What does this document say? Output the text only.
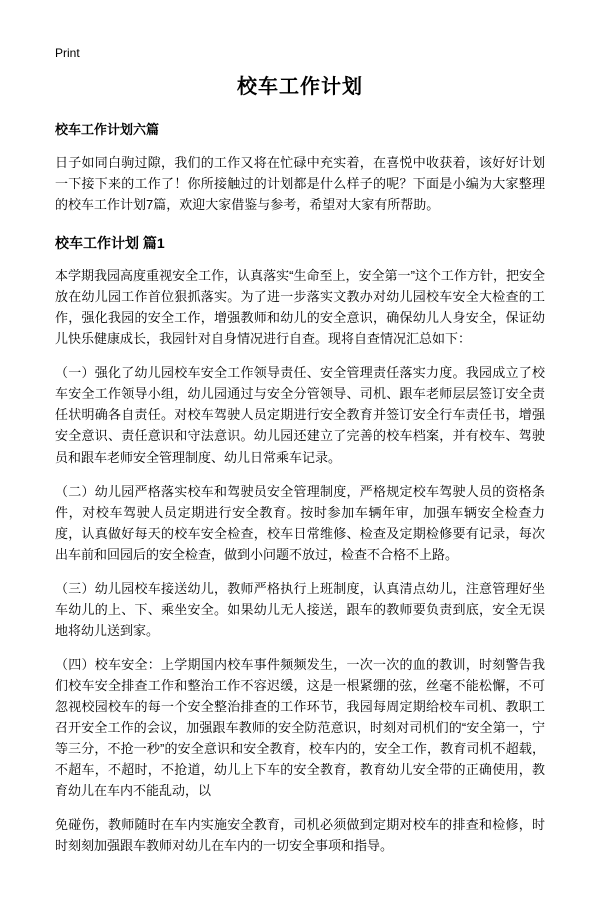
Print
校车工作计划
校车工作计划六篇

日子如同白驹过隙，我们的工作又将在忙碌中充实着，在喜悦中收获着，该好好计划一下接下来的工作了！你所接触过的计划都是什么样子的呢？下面是小编为大家整理的校车工作计划7篇，欢迎大家借鉴与参考，希望对大家有所帮助。

校车工作计划 篇1

本学期我园高度重视安全工作，认真落实“生命至上，安全第一”这个工作方针，把安全放在幼儿园工作首位狠抓落实。为了进一步落实文教办对幼儿园校车安全大检查的工作，强化我园的安全工作，增强教师和幼儿的安全意识，确保幼儿人身安全，保证幼儿快乐健康成长，我园针对自身情况进行自查。现将自查情况汇总如下：

（一）强化了幼儿园校车安全工作领导责任、安全管理责任落实力度。我园成立了校车安全工作领导小组，幼儿园通过与安全分管领导、司机、跟车老师层层签订安全责任状明确各自责任。对校车驾驶人员定期进行安全教育并签订安全行车责任书，增强安全意识、责任意识和守法意识。幼儿园还建立了完善的校车档案，并有校车、驾驶员和跟车老师安全管理制度、幼儿日常乘车记录。

（二）幼儿园严格落实校车和驾驶员安全管理制度，严格规定校车驾驶人员的资格条件，对校车驾驶人员定期进行安全教育。按时参加车辆年审，加强车辆安全检查力度，认真做好每天的校车安全检查，校车日常维修、检查及定期检修要有记录，每次出车前和回园后的安全检查，做到小问题不放过，检查不合格不上路。

（三）幼儿园校车接送幼儿，教师严格执行上班制度，认真清点幼儿，注意管理好坐车幼儿的上、下、乘坐安全。如果幼儿无人接送，跟车的教师要负责到底，安全无误地将幼儿送到家。

（四）校车安全：上学期国内校车事件频频发生，一次一次的血的教训，时刻警告我们校车安全排查工作和整治工作不容迟缓，这是一根紧绷的弦，丝毫不能松懈，不可忽视校园校车的每一个安全整治排查的工作环节，我园每周定期给校车司机、教职工召开安全工作的会议，加强跟车教师的安全防范意识，时刻对司机们的“安全第一，宁等三分，不抢一秒”的安全意识和安全教育，校车内的，安全工作，教育司机不超载，不超车，不超时，不抢道，幼儿上下车的安全教育，教育幼儿安全带的正确使用，教育幼儿在车内不能乱动，以

免碰伤，教师随时在车内实施安全教育，司机必须做到定期对校车的排查和检修，时时刻刻加强跟车教师对幼儿在车内的一切安全事项和指导。
